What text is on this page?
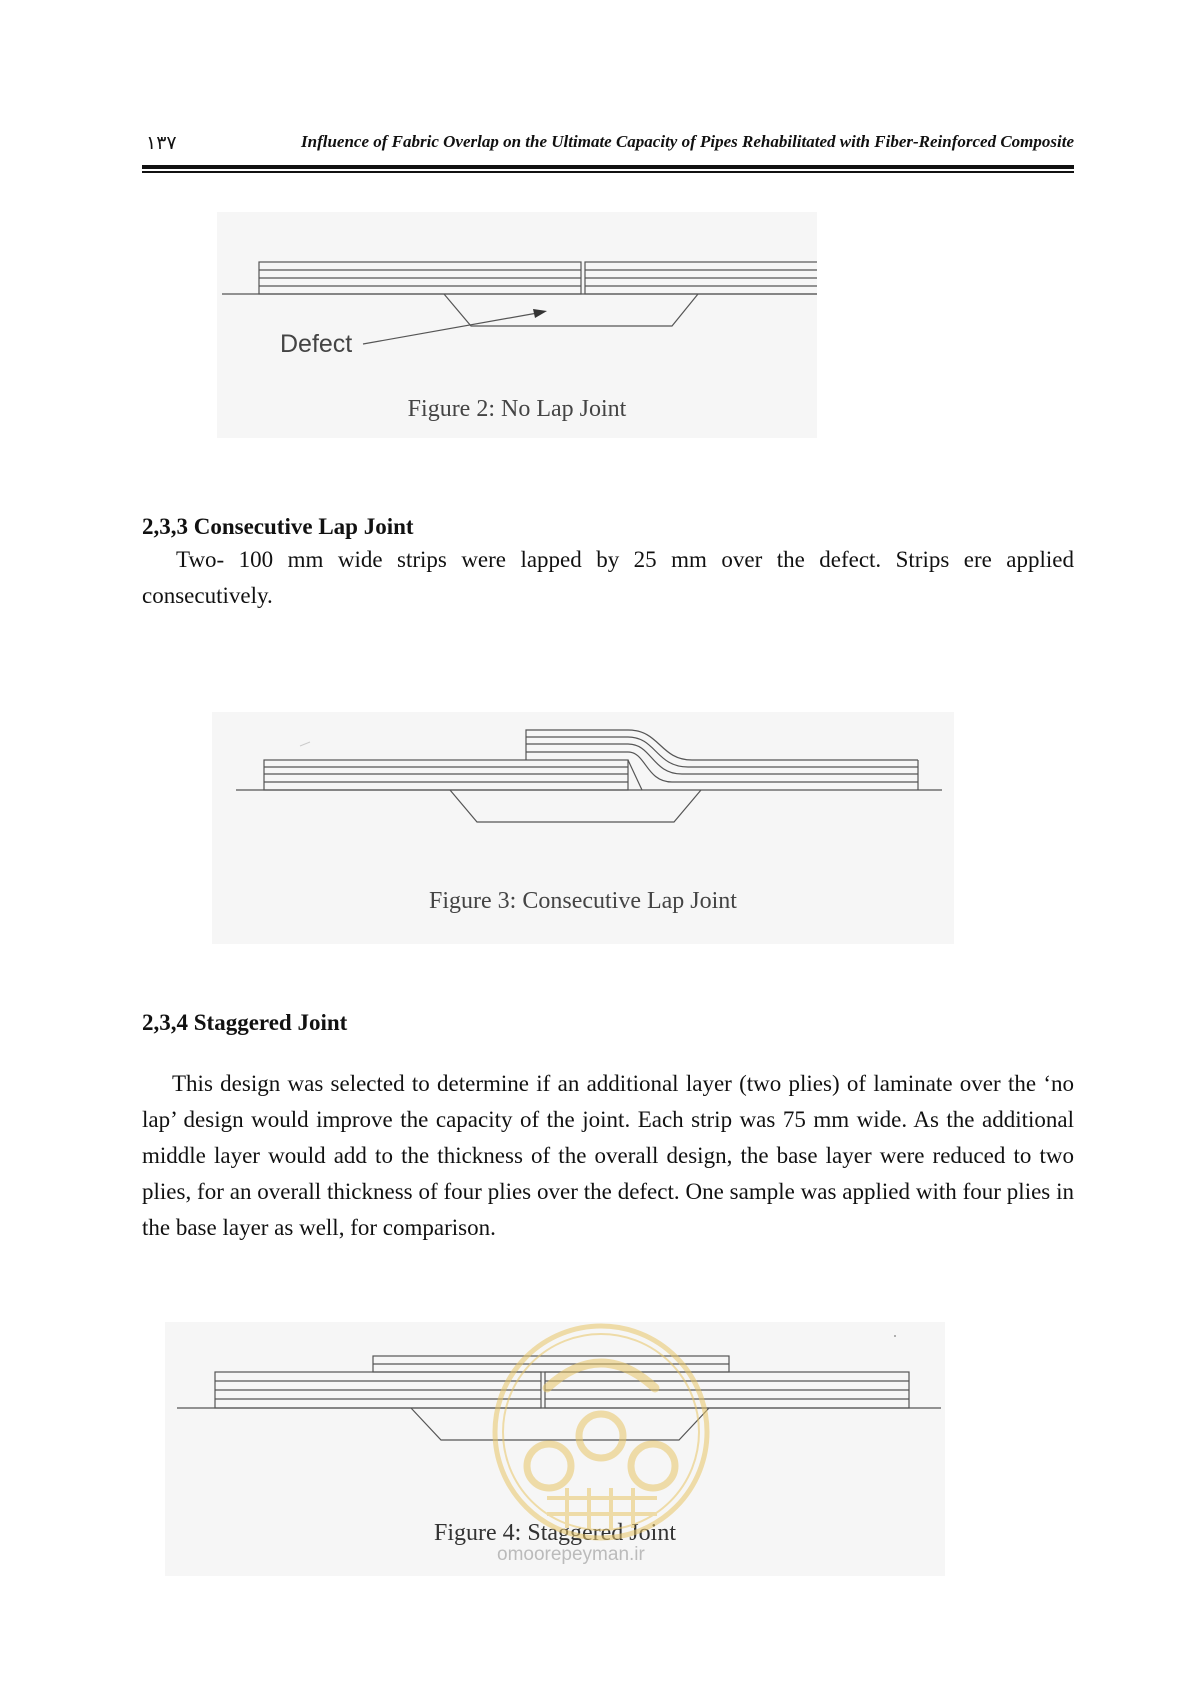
۱۳۷	Influence of Fabric Overlap on the Ultimate Capacity of Pipes Rehabilitated with Fiber-Reinforced Composite
Defect
Figure 2: No Lap Joint
2,3,3 Consecutive Lap Joint
Two- 100 mm wide strips were lapped by 25 mm over the defect. Strips ere applied consecutively.
Figure 3: Consecutive Lap Joint
2,3,4 Staggered Joint
This design was selected to determine if an additional layer (two plies) of laminate over the ‘no lap’ design would improve the capacity of the joint. Each strip was 75 mm wide. As the additional middle layer would add to the thickness of the overall design, the base layer were reduced to two plies, for an overall thickness of four plies over the defect. One sample was applied with four plies in the base layer as well, for comparison.
Figure 4: Staggered Joint
omoorepeyman.ir
